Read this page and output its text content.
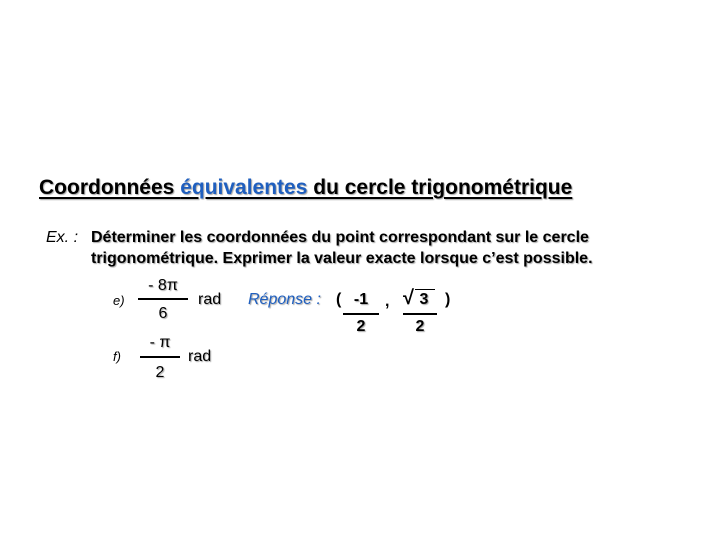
Coordonnées équivalentes du cercle trigonométrique
Ex. : Déterminer les coordonnées du point correspondant sur le cercle
trigonométrique. Exprimer la valeur exacte lorsque c’est possible.
e)
- 8π
6
rad Réponse : ( -1
2
, √ 3
2
)
f)
- π
2
rad
